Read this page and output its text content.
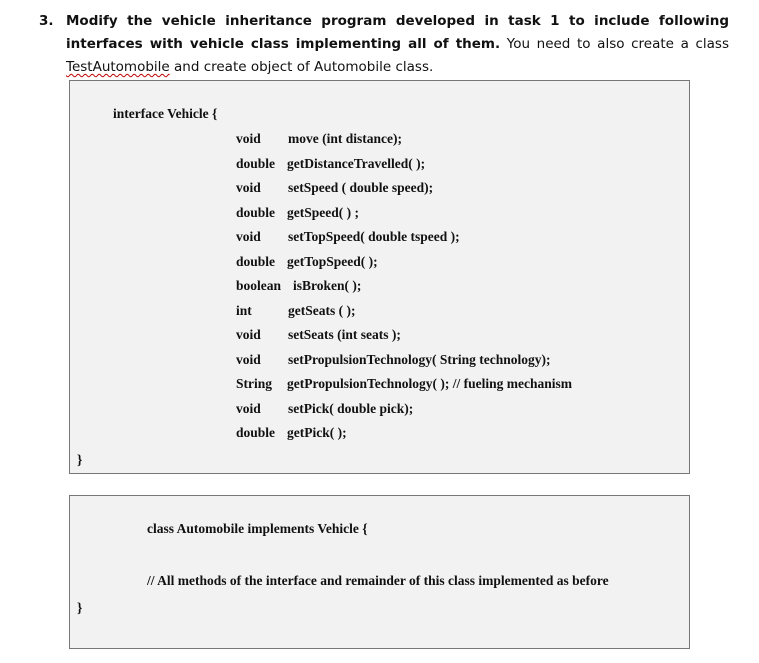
3. Modify the vehicle inheritance program developed in task 1 to include following interfaces with vehicle class implementing all of them. You need to also create a class TestAutomobile and create object of Automobile class.
interface Vehicle {
void move (int distance);
double getDistanceTravelled( );
void setSpeed ( double speed);
double getSpeed( ) ;
void setTopSpeed( double tspeed );
double getTopSpeed( );
boolean isBroken( );
int	getSeats ( );
void setSeats (int seats );
void setPropulsionTechnology( String technology);
String getPropulsionTechnology( ); // fueling mechanism
void setPick( double pick);
double getPick( );
}
class Automobile implements Vehicle {
// All methods of the interface and remainder of this class implemented as before
}
